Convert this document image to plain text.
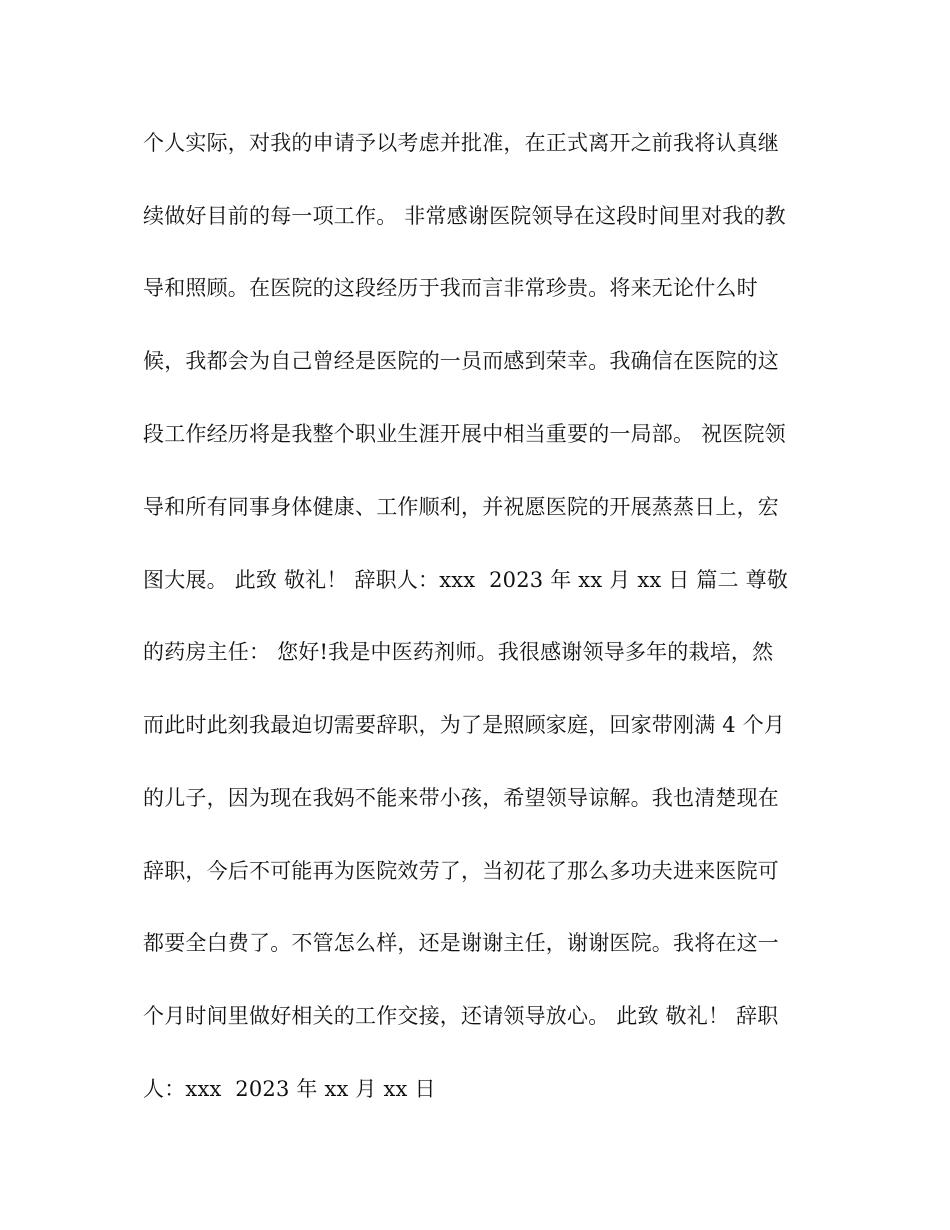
个人实际，对我的申请予以考虑并批准，在正式离开之前我将认真继
续做好目前的每一项工作。 非常感谢医院领导在这段时间里对我的教
导和照顾。在医院的这段经历于我而言非常珍贵。将来无论什么时
候，我都会为自己曾经是医院的一员而感到荣幸。我确信在医院的这
段工作经历将是我整个职业生涯开展中相当重要的一局部。 祝医院领
导和所有同事身体健康、工作顺利，并祝愿医院的开展蒸蒸日上，宏
图大展。 此致 敬礼！ 辞职人：xxx  2023 年 xx 月 xx 日 篇二 尊敬
的药房主任： 您好!我是中医药剂师。我很感谢领导多年的栽培，然
而此时此刻我最迫切需要辞职，为了是照顾家庭，回家带刚满 4 个月
的儿子，因为现在我妈不能来带小孩，希望领导谅解。我也清楚现在
辞职，今后不可能再为医院效劳了，当初花了那么多功夫进来医院可
都要全白费了。不管怎么样，还是谢谢主任，谢谢医院。我将在这一
个月时间里做好相关的工作交接，还请领导放心。 此致 敬礼！ 辞职
人：xxx  2023 年 xx 月 xx 日
